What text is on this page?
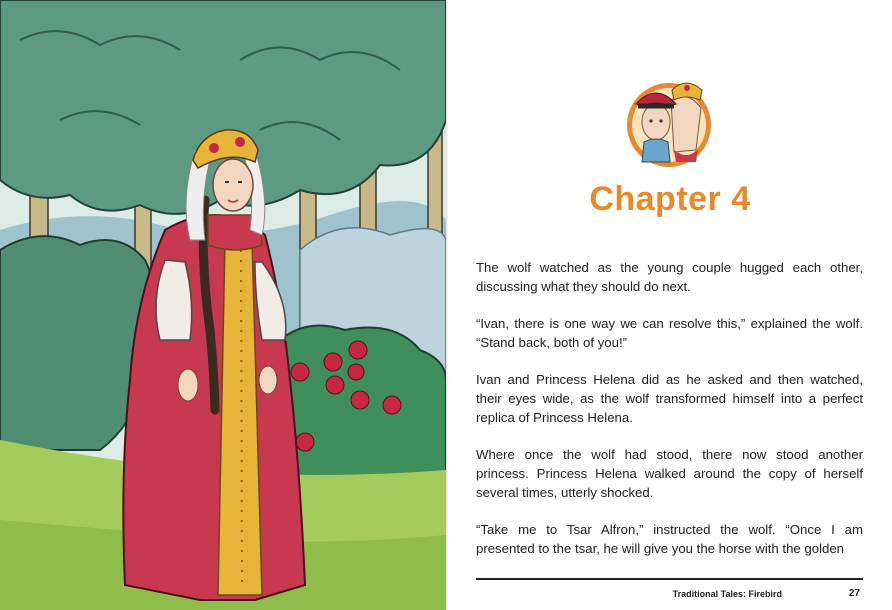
Chapter 4

The wolf watched as the young couple hugged each other, discussing what they should do next.

“Ivan, there is one way we can resolve this,” explained the wolf. “Stand back, both of you!”

Ivan and Princess Helena did as he asked and then watched, their eyes wide, as the wolf transformed himself into a perfect replica of Princess Helena.

Where once the wolf had stood, there now stood another princess. Princess Helena walked around the copy of herself several times, utterly shocked.

“Take me to Tsar Alfron,” instructed the wolf. “Once I am presented to the tsar, he will give you the horse with the golden

Traditional Tales: Firebird	27
